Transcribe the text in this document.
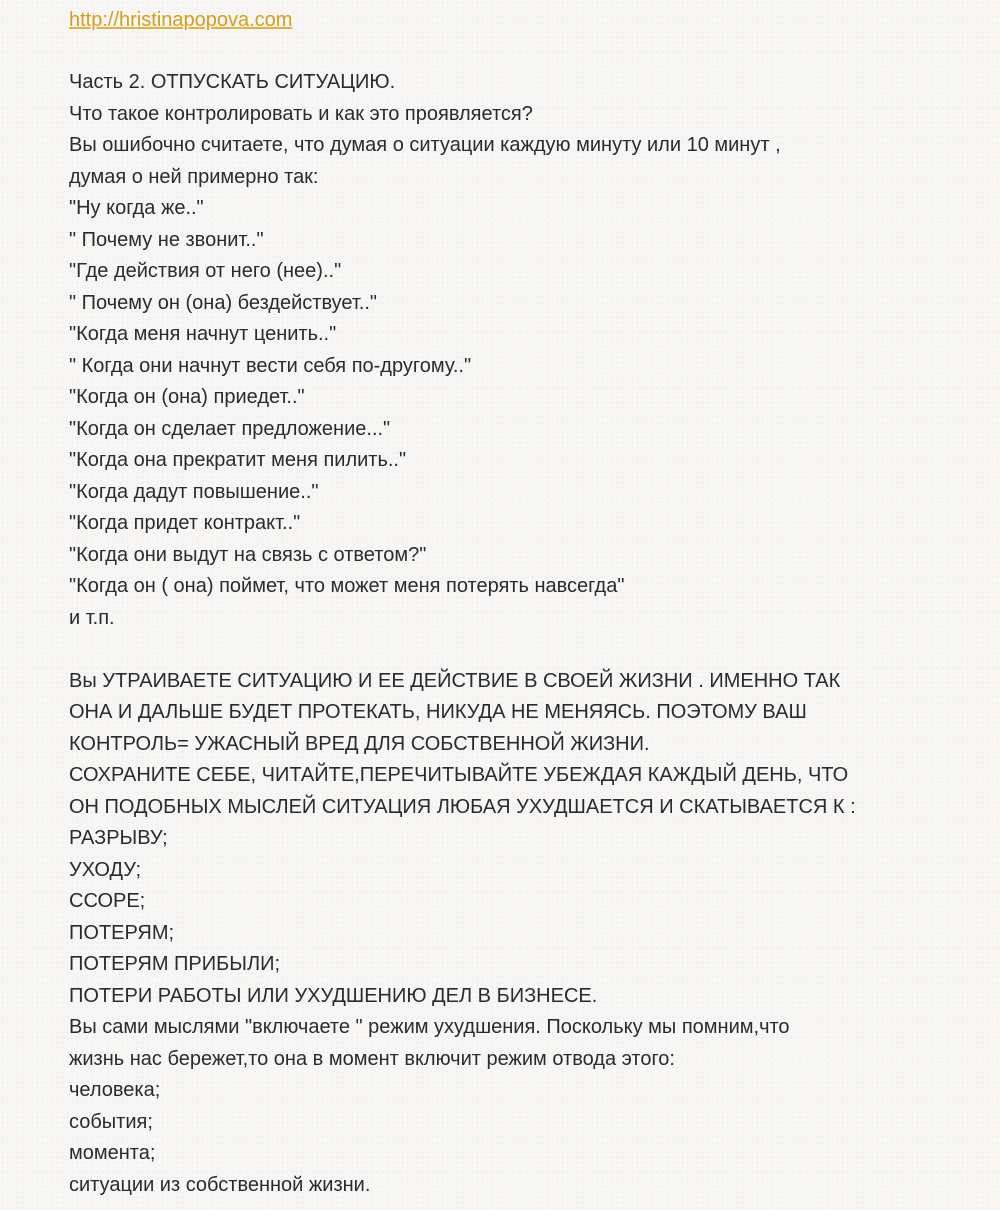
http://hristinapopova.com
Часть 2. ОТПУСКАТЬ СИТУАЦИЮ.
Что такое контролировать и как это проявляется?
Вы ошибочно считаете, что думая о ситуации каждую минуту или 10 минут ,
думая о ней примерно так:
"Ну когда же.."
" Почему не звонит.."
"Где действия от него (нее).."
" Почему он (она) бездействует.."
"Когда меня начнут ценить.."
" Когда они начнут вести себя по-другому.."
"Когда он (она) приедет.."
"Когда он сделает предложение..."
"Когда она прекратит меня пилить.."
"Когда дадут повышение.."
"Когда придет контракт.."
"Когда они выдут на связь с ответом?"
"Когда он ( она) поймет, что может меня потерять навсегда"
и т.п.
Вы УТРАИВАЕТЕ СИТУАЦИЮ И ЕЕ ДЕЙСТВИЕ В СВОЕЙ ЖИЗНИ . ИМЕННО ТАК
ОНА И ДАЛЬШЕ БУДЕТ ПРОТЕКАТЬ, НИКУДА НЕ МЕНЯЯСЬ. ПОЭТОМУ ВАШ
КОНТРОЛЬ= УЖАСНЫЙ ВРЕД ДЛЯ СОБСТВЕННОЙ ЖИЗНИ.
СОХРАНИТЕ СЕБЕ, ЧИТАЙТЕ,ПЕРЕЧИТЫВАЙТЕ УБЕЖДАЯ КАЖДЫЙ ДЕНЬ, ЧТО
ОН ПОДОБНЫХ МЫСЛЕЙ СИТУАЦИЯ ЛЮБАЯ УХУДШАЕТСЯ И СКАТЫВАЕТСЯ К :
РАЗРЫВУ;
УХОДУ;
ССОРЕ;
ПОТЕРЯМ;
ПОТЕРЯМ ПРИБЫЛИ;
ПОТЕРИ РАБОТЫ ИЛИ УХУДШЕНИЮ ДЕЛ В БИЗНЕСЕ.
Вы сами мыслями "включаете " режим ухудшения. Поскольку мы помним,что
жизнь нас бережет,то она в момент включит режим отвода этого:
человека;
события;
момента;
ситуации из собственной жизни.
